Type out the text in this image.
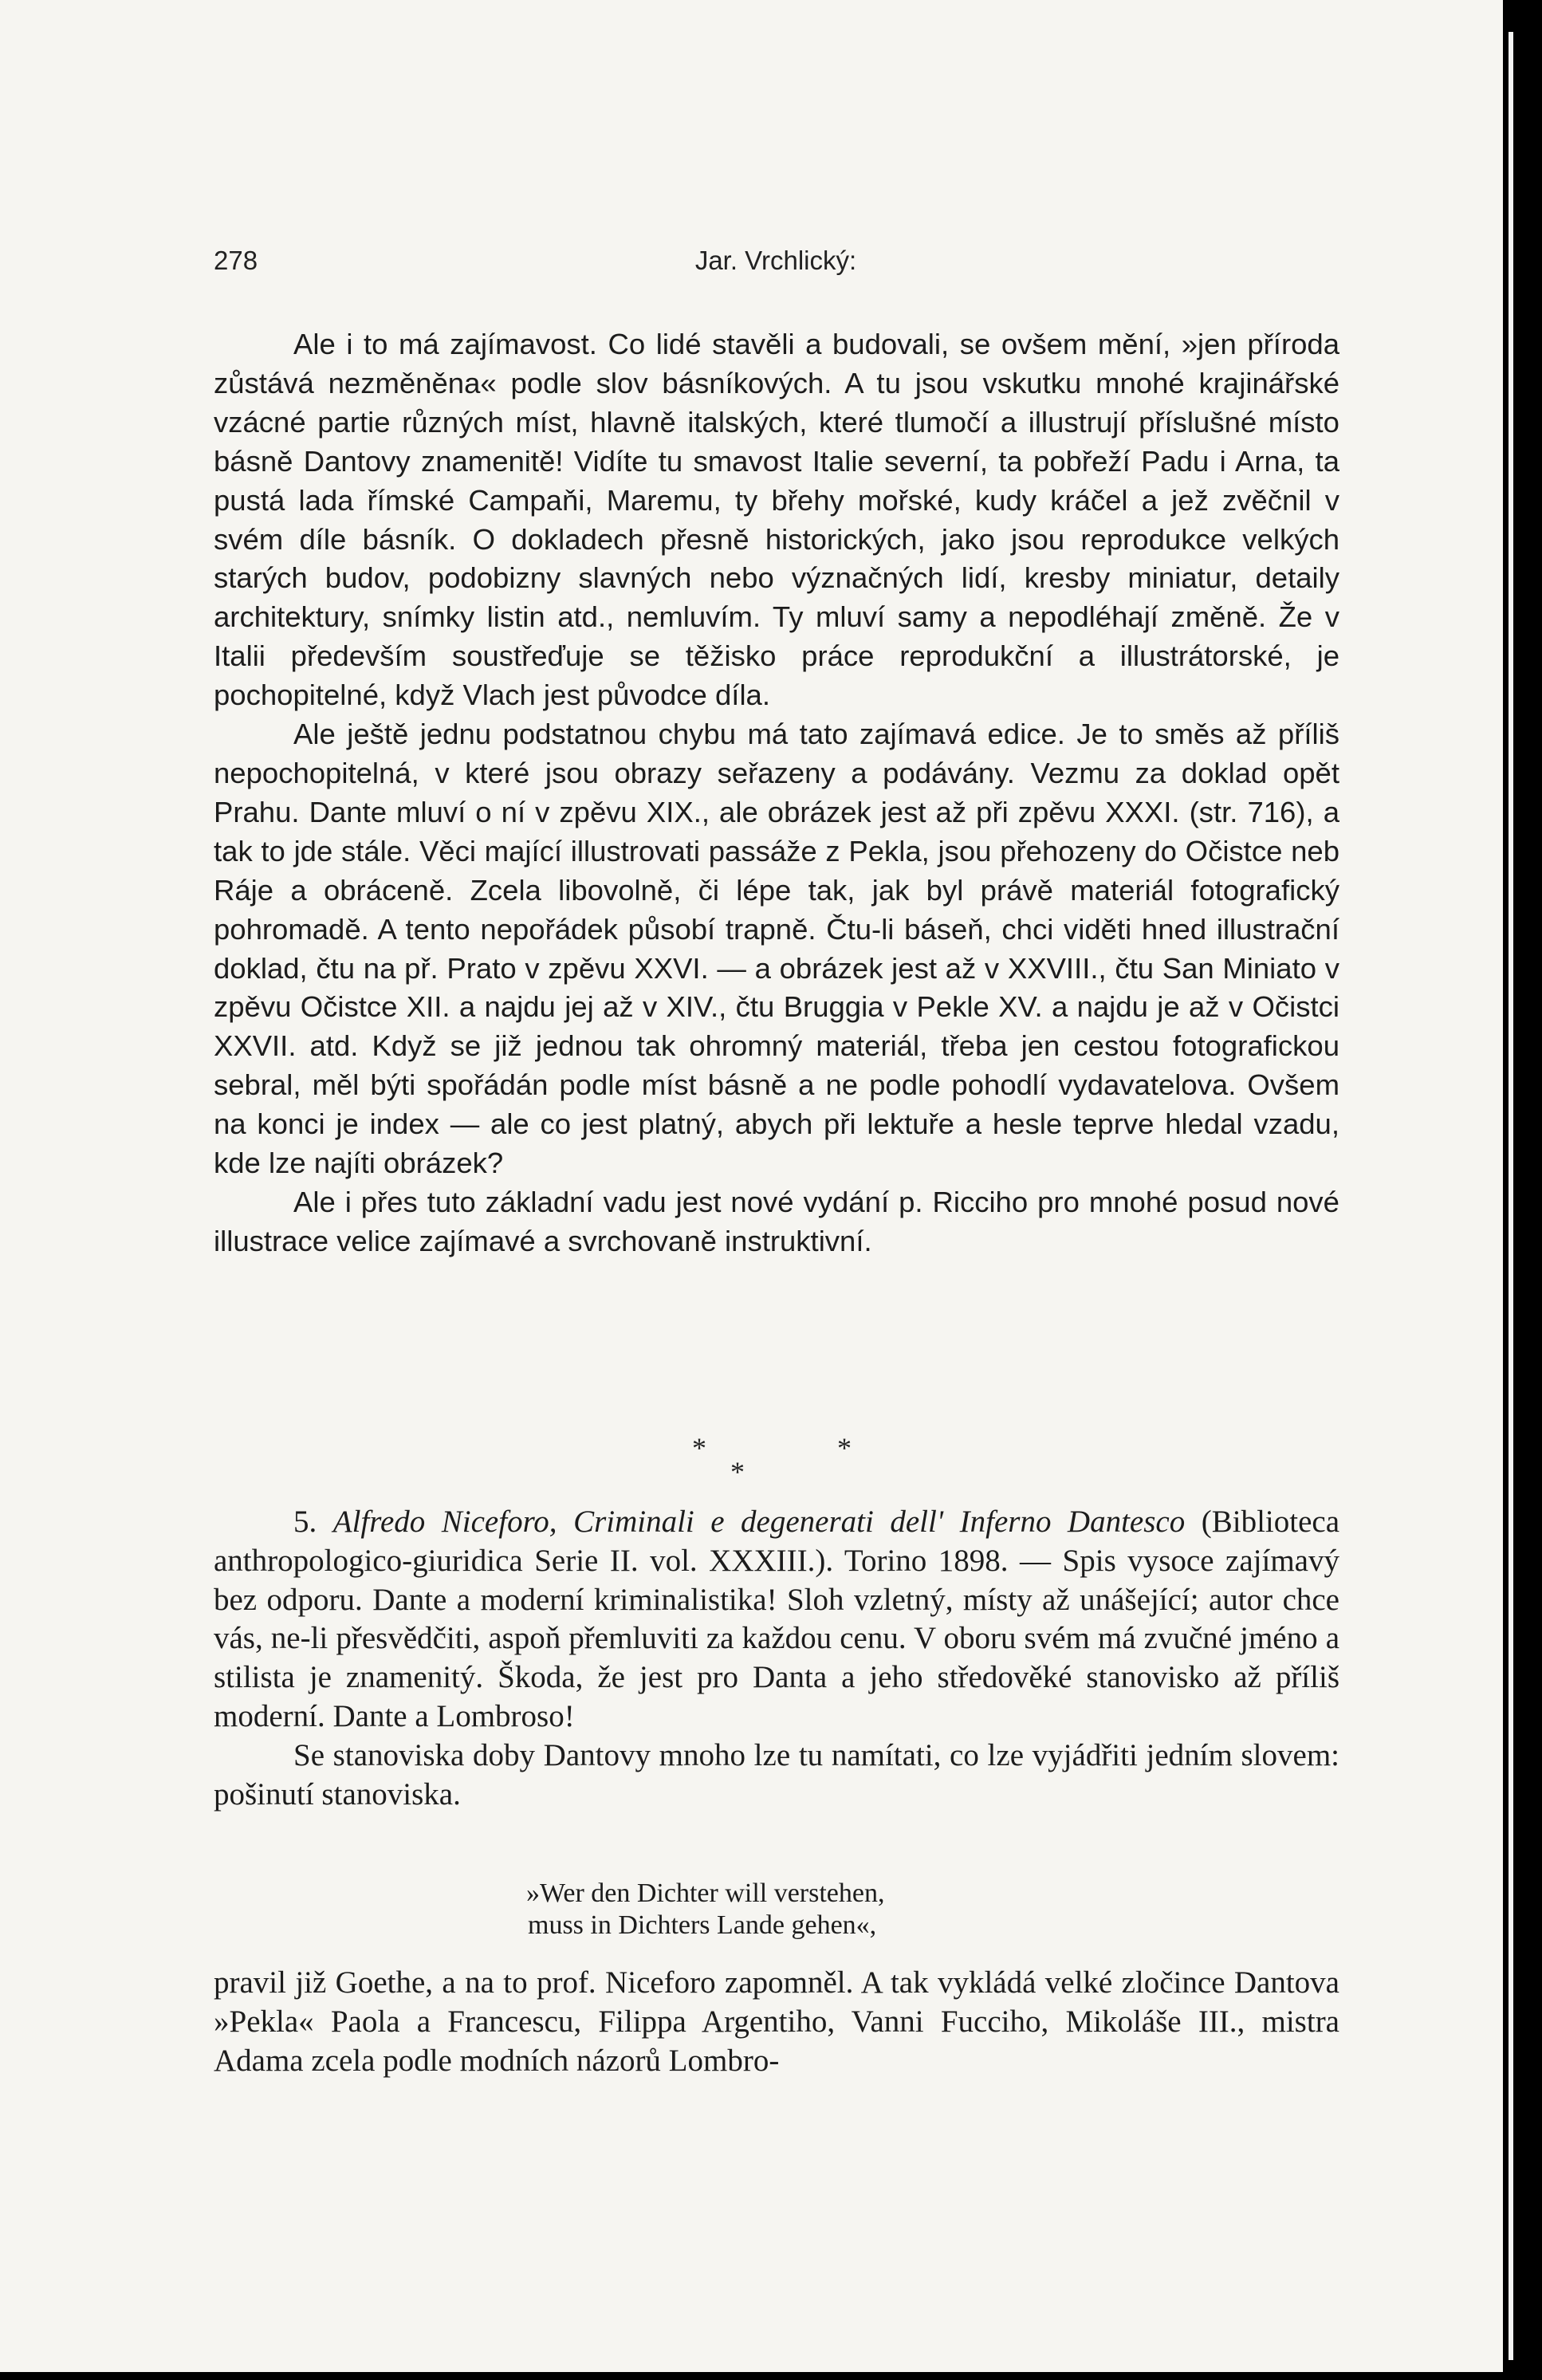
278	Jar. Vrchlický:

Ale i to má zajímavost. Co lidé stavěli a budovali, se ovšem mění, »jen příroda zůstává nezměněna« podle slov básníkových. A tu jsou vskutku mnohé krajinářské vzácné partie různých míst, hlavně italských, které tlumočí a illustrují příslušné místo básně Dantovy znamenitě! Vidíte tu smavost Italie severní, ta pobřeží Padu i Arna, ta pustá lada římské Campaňi, Maremu, ty břehy mořské, kudy kráčel a jež zvěčnil v svém díle básník. O dokladech přesně historických, jako jsou reprodukce velkých starých budov, podobizny slavných nebo význačných lidí, kresby miniatur, detaily architektury, snímky listin atd., nemluvím. Ty mluví samy a nepodléhají změně. Že v Italii především soustřeďuje se těžisko práce reprodukční a illustrátorské, je pochopitelné, když Vlach jest původce díla.

Ale ještě jednu podstatnou chybu má tato zajímavá edice. Je to směs až příliš nepochopitelná, v které jsou obrazy seřazeny a podávány. Vezmu za doklad opět Prahu. Dante mluví o ní v zpěvu XIX., ale obrázek jest až při zpěvu XXXI. (str. 716), a tak to jde stále. Věci mající illustrovati passáže z Pekla, jsou přehozeny do Očistce neb Ráje a obráceně. Zcela libovolně, či lépe tak, jak byl právě materiál fotografický pohromadě. A tento nepořádek působí trapně. Čtu-li báseň, chci viděti hned illustrační doklad, čtu na př. Prato v zpěvu XXVI. — a obrázek jest až v XXVIII., čtu San Miniato v zpěvu Očistce XII. a najdu jej až v XIV., čtu Bruggia v Pekle XV. a najdu je až v Očistci XXVII. atd. Když se již jednou tak ohromný materiál, třeba jen cestou fotografickou sebral, měl býti spořádán podle míst básně a ne podle pohodlí vydavatelova. Ovšem na konci je index — ale co jest platný, abych při lektuře a hesle teprve hledal vzadu, kde lze najíti obrázek?

Ale i přes tuto základní vadu jest nové vydání p. Ricciho pro mnohé posud nové illustrace velice zajímavé a svrchovaně instruktivní.

*
*
*

5. Alfredo Niceforo, Criminali e degenerati dell' Inferno Dantesco (Biblioteca anthropologico-giuridica Serie II. vol. XXXIII.). Torino 1898. — Spis vysoce zajímavý bez odporu. Dante a moderní kriminalistika! Sloh vzletný, místy až unášející; autor chce vás, ne-li přesvědčiti, aspoň přemluviti za každou cenu. V oboru svém má zvučné jméno a stilista je znamenitý. Škoda, že jest pro Danta a jeho středověké stanovisko až příliš moderní. Dante a Lombroso!

Se stanoviska doby Dantovy mnoho lze tu namítati, co lze vyjádřiti jedním slovem: pošinutí stanoviska.

»Wer den Dichter will verstehen,
muss in Dichters Lande gehen«,

pravil již Goethe, a na to prof. Niceforo zapomněl. A tak vykládá velké zločince Dantova »Pekla« Paola a Francescu, Filippa Argentiho, Vanni Fucciho, Mikoláše III., mistra Adama zcela podle modních názorů Lombro-
